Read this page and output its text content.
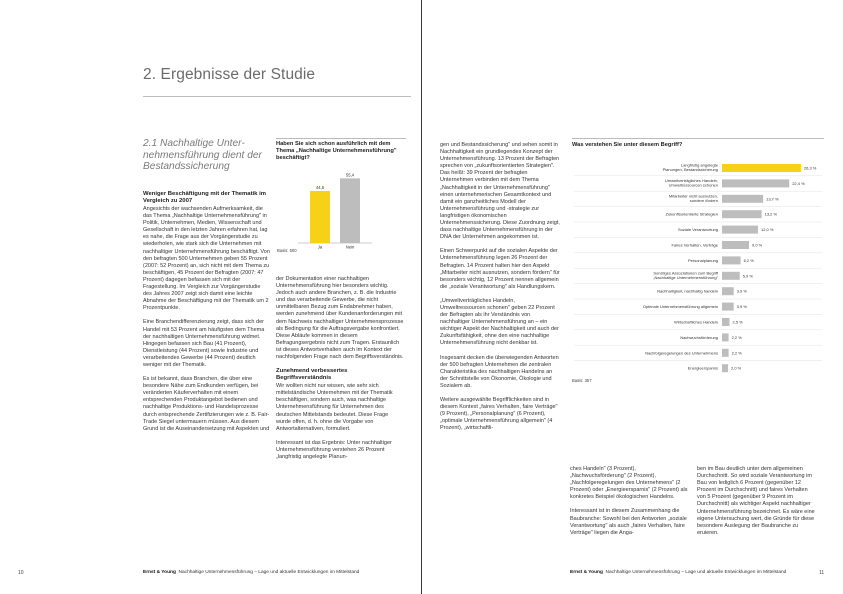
2. Ergebnisse der Studie
2.1 Nachhaltige Unternehmensführung dient der Bestandssicherung
Weniger Beschäftigung mit der Thematik im Vergleich zu 2007

Angesichts der wachsenden Aufmerksamkeit, die das Thema „Nachhaltige Unternehmensführung" in Politik, Unternehmen, Medien, Wissenschaft und Gesellschaft in den letzten Jahren erfahren hat, lag es nahe, die Frage aus der Vorgängerstudie zu wiederholen, wie stark sich die Unternehmen mit nachhaltiger Unternehmensführung beschäftigt. Von den befragten 500 Unternehmen geben 55 Prozent (2007: 52 Prozent) an, sich nicht mit dem Thema zu beschäftigen, 45 Prozent der Befragten (2007: 47 Prozent) dagegen befassen sich mit der Fragestellung. Im Vergleich zur Vorgängerstudie des Jahres 2007 zeigt sich damit eine leichte Abnahme der Beschäftigung mit der Thematik um 2 Prozentpunkte.

Eine Branchendifferenzierung zeigt, dass sich der Handel mit 53 Prozent am häufigsten dem Thema der nachhaltigen Unternehmensführung widmet. Hingegen befassen sich Bau (41 Prozent), Dienstleistung (44 Prozent) sowie Industrie und verarbeitendes Gewerbe (44 Prozent) deutlich weniger mit der Thematik.

Es ist bekannt, dass Branchen, die über eine besondere Nähe zum Endkunden verfügen, bei veränderten Käuferverhalten mit einem entsprechenden Produktangebot bedienen und nachhaltige Produktions- und Handelsprozesse durch entsprechende Zertifizierungen wie z. B. Fair-Trade Siegel untermauern müssen. Aus diesem Grund ist die Auseinandersetzung mit Aspekten und

Haben Sie sich schon ausführlich mit dem Thema „Nachhaltige Unternehmensführung" beschäftigt?
44,6
Ja
55,4
Nein
Basis: 500

der Dokumentation einer nachhaltigen Unternehmensführung hier besonders wichtig. Jedoch auch andere Branchen, z. B. die Industrie und das verarbeitende Gewerbe, die nicht unmittelbaren Bezug zum Endabnehmer haben, werden zunehmend über Kundenanforderungen mit dem Nachweis nachhaltiger Unternehmensprozesse als Bedingung für die Auftragsvergabe konfrontiert. Diese Abläufe kommen in diesem Befragungsergebnis nicht zum Tragen. Erstaunlich ist dieses Antwortverhalten auch im Kontext der nachfolgenden Frage nach dem Begriffsverständnis.

Zunehmend verbessertes Begriffsverständnis

Wir wollten nicht nur wissen, wie sehr sich mittelständische Unternehmen mit der Thematik beschäftigen, sondern auch, was nachhaltige Unternehmensführung für Unternehmen des deutschen Mittelstands bedeutet. Diese Frage wurde offen, d. h. ohne die Vorgabe von Antwortalternativen, formuliert.

Interessant ist das Ergebnis: Unter nachhaltiger Unternehmensführung verstehen 26 Prozent „langfristig angelegte Planun-

10	Ernst & Young Nachhaltige Unternehmensführung – Lage und aktuelle Entwicklungen im Mittelstand

gen und Bestandssicherung" und sehen somit in Nachhaltigkeit ein grundlegendes Konzept der Unternehmensführung. 13 Prozent der Befragten sprechen von „zukunftsorientierten Strategien". Das heißt: 39 Prozent der befragten Unternehmen verbinden mit dem Thema „Nachhaltigkeit in der Unternehmensführung" einen unternehmerischen Gesamtkontext und damit ein ganzheitliches Modell der Unternehmensführung und -strategie zur langfristigen ökonomischen Unternehmenssicherung. Diese Zuordnung zeigt, dass nachhaltige Unternehmensführung in der DNA der Unternehmen angekommen ist.

Einen Schwerpunkt auf die sozialen Aspekte der Unternehmensführung legen 26 Prozent der Befragten. 14 Prozent halten hier den Aspekt „Mitarbeiter nicht ausnutzen, sondern fördern" für besonders wichtig, 12 Prozent nennen allgemein die „soziale Verantwortung" als Handlungskern.

„Umweltverträgliches Handeln, Umweltressourcen schonen" geben 22 Prozent der Befragten als ihr Verständnis von nachhaltiger Unternehmensführung an – ein wichtiger Aspekt der Nachhaltigkeit und auch der Zukunftsfähigkeit, ohne den eine nachhaltige Unternehmensführung nicht denkbar ist.

Insgesamt decken die überwiegenden Antworten der 500 befragten Unternehmen die zentralen Charakteristika des nachhaltigen Handelns an der Schnittstelle von Ökonomie, Ökologie und Sozialem ab.

Weitere ausgewählte Begrifflichkeiten sind in diesem Kontext „faires Verhalten, faire Verträge" (9 Prozent), „Personalplanung" (6 Prozent), „optimale Unternehmensführung allgemein" (4 Prozent), „wirtschaftli-

Was verstehen Sie unter diesem Begriff?
Langfristig angelegte Planungen, Bestandssicherung	26,3 %
Umweltverträgliches Handeln, Umweltressourcen schonen	22,4 %
Mitarbeiter nicht ausnutzen, sondern fördern	13,7 %
Zukunftsorientierte Strategien	13,2 %
Soziale Verantwortung	12,0 %
Faires Verhalten, Verträge	9,0 %
Personalplanung	6,2 %
Sonstiges Assoziationen zum Begriff „Nachhaltige Unternehmensführung"	5,9 %
Nachhaltigkeit, nachhaltig handeln	3,9 %
Optimale Unternehmensführung allgemein	3,9 %
Wirtschaftliches Handeln	2,5 %
Nachwuchsförderung	2,2 %
Nachfolgeregelungen des Unternehmens	2,2 %
Energieersparnis	2,0 %
Basis: 357

ches Handeln" (3 Prozent), „Nachwuchsförderung" (2 Prozent), „Nachfolgeregelungen des Unternehmens" (2 Prozent) oder „Energieersparnis" (2 Prozent) als konkretes Beispiel ökologischen Handelns.

Interessant ist in diesem Zusammenhang die Baubranche: Sowohl bei den Antworten „soziale Verantwortung" als auch „faires Verhalten, faire Verträge" liegen die Anga-

ben im Bau deutlich unter dem allgemeinen Durchschnitt. So wird soziale Verantwortung im Bau von lediglich 6 Prozent (gegenüber 12 Prozent im Durchschnitt) und faires Verhalten von 5 Prozent (gegenüber 9 Prozent im Durchschnitt) als wichtiger Aspekt nachhaltiger Unternehmensführung bezeichnet. Es wäre eine eigene Untersuchung wert, die Gründe für diese besondere Auslegung der Baubranche zu eruieren.

Ernst & Young Nachhaltige Unternehmensführung – Lage und aktuelle Entwicklungen im Mittelstand	11
